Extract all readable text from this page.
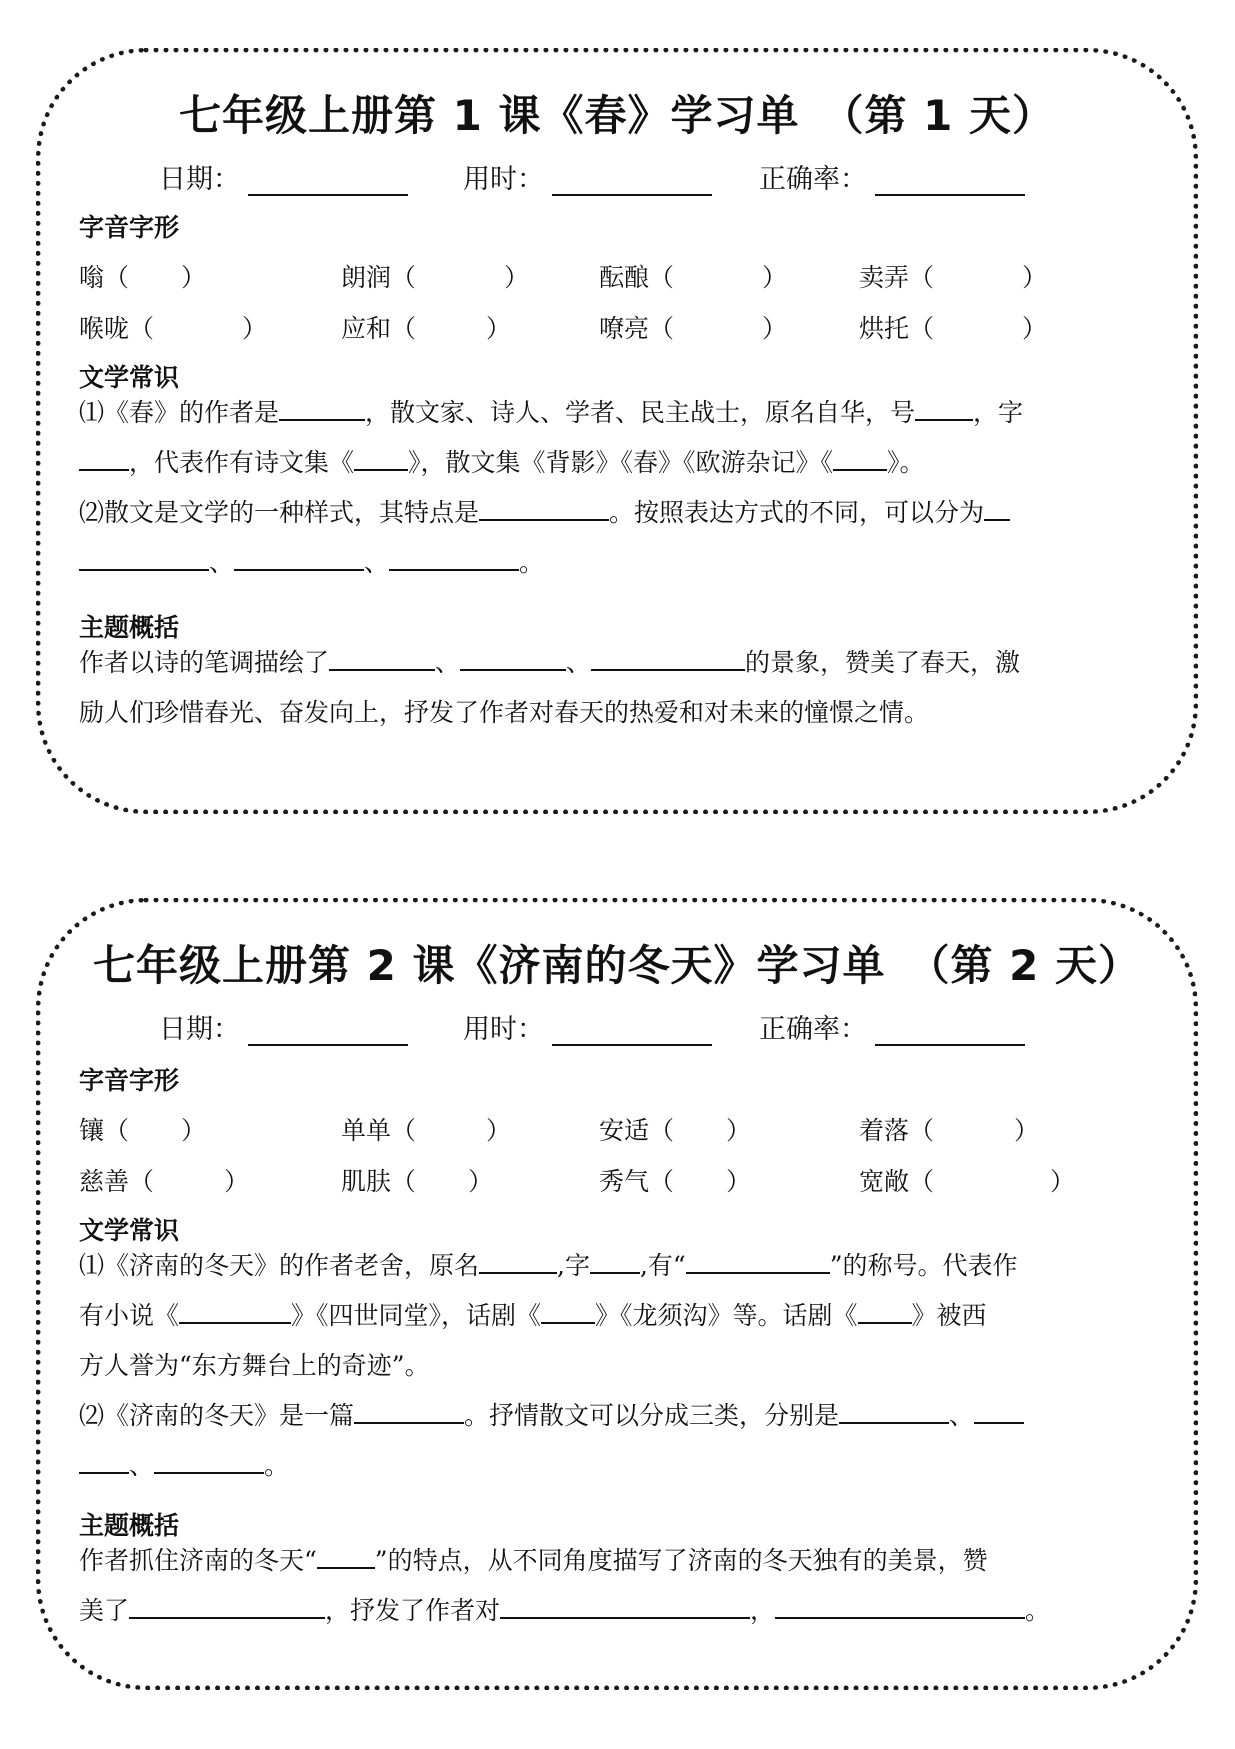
七年级上册第 1 课《春》学习单　（第 1 天）
日期：	用时：	正确率：
字音字形
嗡（ ）	朗润（	）	酝酿（	）	卖弄（	）
喉咙（	）	应和（	）	嘹亮（	）	烘托（	）
文学常识
⑴《春》的作者是	，散文家、诗人、学者、民主战士，原名自华，号 ，字
，代表作有诗文集《 》，散文集《背影》《春》《欧游杂记》《 》。
⑵散文是文学的一种样式，其特点是	。按照表达方式的不同，可以分为
、	、	。
主题概括
作者以诗的笔调描绘了	、	、	的景象，赞美了春天，激
励人们珍惜春光、奋发向上，抒发了作者对春天的热爱和对未来的憧憬之情。
七年级上册第 2 课《济南的冬天》学习单　（第 2 天）
日期：	用时：	正确率：
字音字形
镶（ ）	单单（	）	安适（ ）	着落（	）
慈善（	）	肌肤（ ）	秀气（ ）	宽敞（	）
文学常识
⑴《济南的冬天》的作者老舍，原名	,字 ,有“	”的称号。代表作
有小说《	》《四世同堂》，话剧《 》《龙须沟》等。话剧《 》被西
方人誉为“东方舞台上的奇迹”。
⑵《济南的冬天》是一篇	。抒情散文可以分成三类，分别是	、
、	。
主题概括
作者抓住济南的冬天“ ”的特点，从不同角度描写了济南的冬天独有的美景，赞
美了	，抒发了作者对	，	。
